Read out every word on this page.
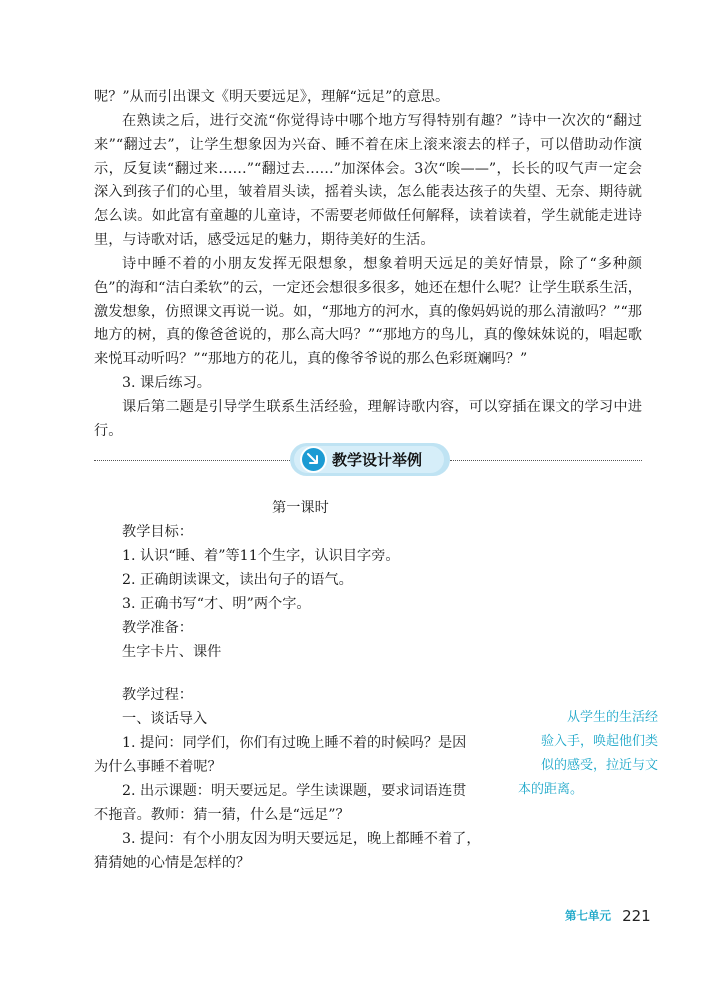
呢？”从而引出课文《明天要远足》，理解“远足”的意思。

在熟读之后，进行交流“你觉得诗中哪个地方写得特别有趣？”诗中一次次的“翻过来”“翻过去”，让学生想象因为兴奋、睡不着在床上滚来滚去的样子，可以借助动作演示，反复读“翻过来……”“翻过去……”加深体会。3次“唉——”，长长的叹气声一定会深入到孩子们的心里，皱着眉头读，摇着头读，怎么能表达孩子的失望、无奈、期待就怎么读。如此富有童趣的儿童诗，不需要老师做任何解释，读着读着，学生就能走进诗里，与诗歌对话，感受远足的魅力，期待美好的生活。

诗中睡不着的小朋友发挥无限想象，想象着明天远足的美好情景，除了“多种颜色”的海和“洁白柔软”的云，一定还会想很多很多，她还在想什么呢？让学生联系生活，激发想象，仿照课文再说一说。如，“那地方的河水，真的像妈妈说的那么清澈吗？”“那地方的树，真的像爸爸说的，那么高大吗？”“那地方的鸟儿，真的像妹妹说的，唱起歌来悦耳动听吗？”“那地方的花儿，真的像爷爷说的那么色彩斑斓吗？”

3. 课后练习。

课后第二题是引导学生联系生活经验，理解诗歌内容，可以穿插在课文的学习中进行。

教学设计举例

第一课时

教学目标：

1. 认识“睡、着”等11个生字，认识目字旁。

2. 正确朗读课文，读出句子的语气。

3. 正确书写“才、明”两个字。

教学准备：

生字卡片、课件

教学过程：

一、谈话导入

1. 提问：同学们，你们有过晚上睡不着的时候吗？是因

为什么事睡不着呢？

2. 出示课题：明天要远足。学生读课题，要求词语连贯

不拖音。教师：猜一猜，什么是“远足”？

3. 提问：有个小朋友因为明天要远足，晚上都睡不着了，

猜猜她的心情是怎样的？

从学生的生活经
验入手，唤起他们类
似的感受，拉近与文
本的距离。
第七单元 221
